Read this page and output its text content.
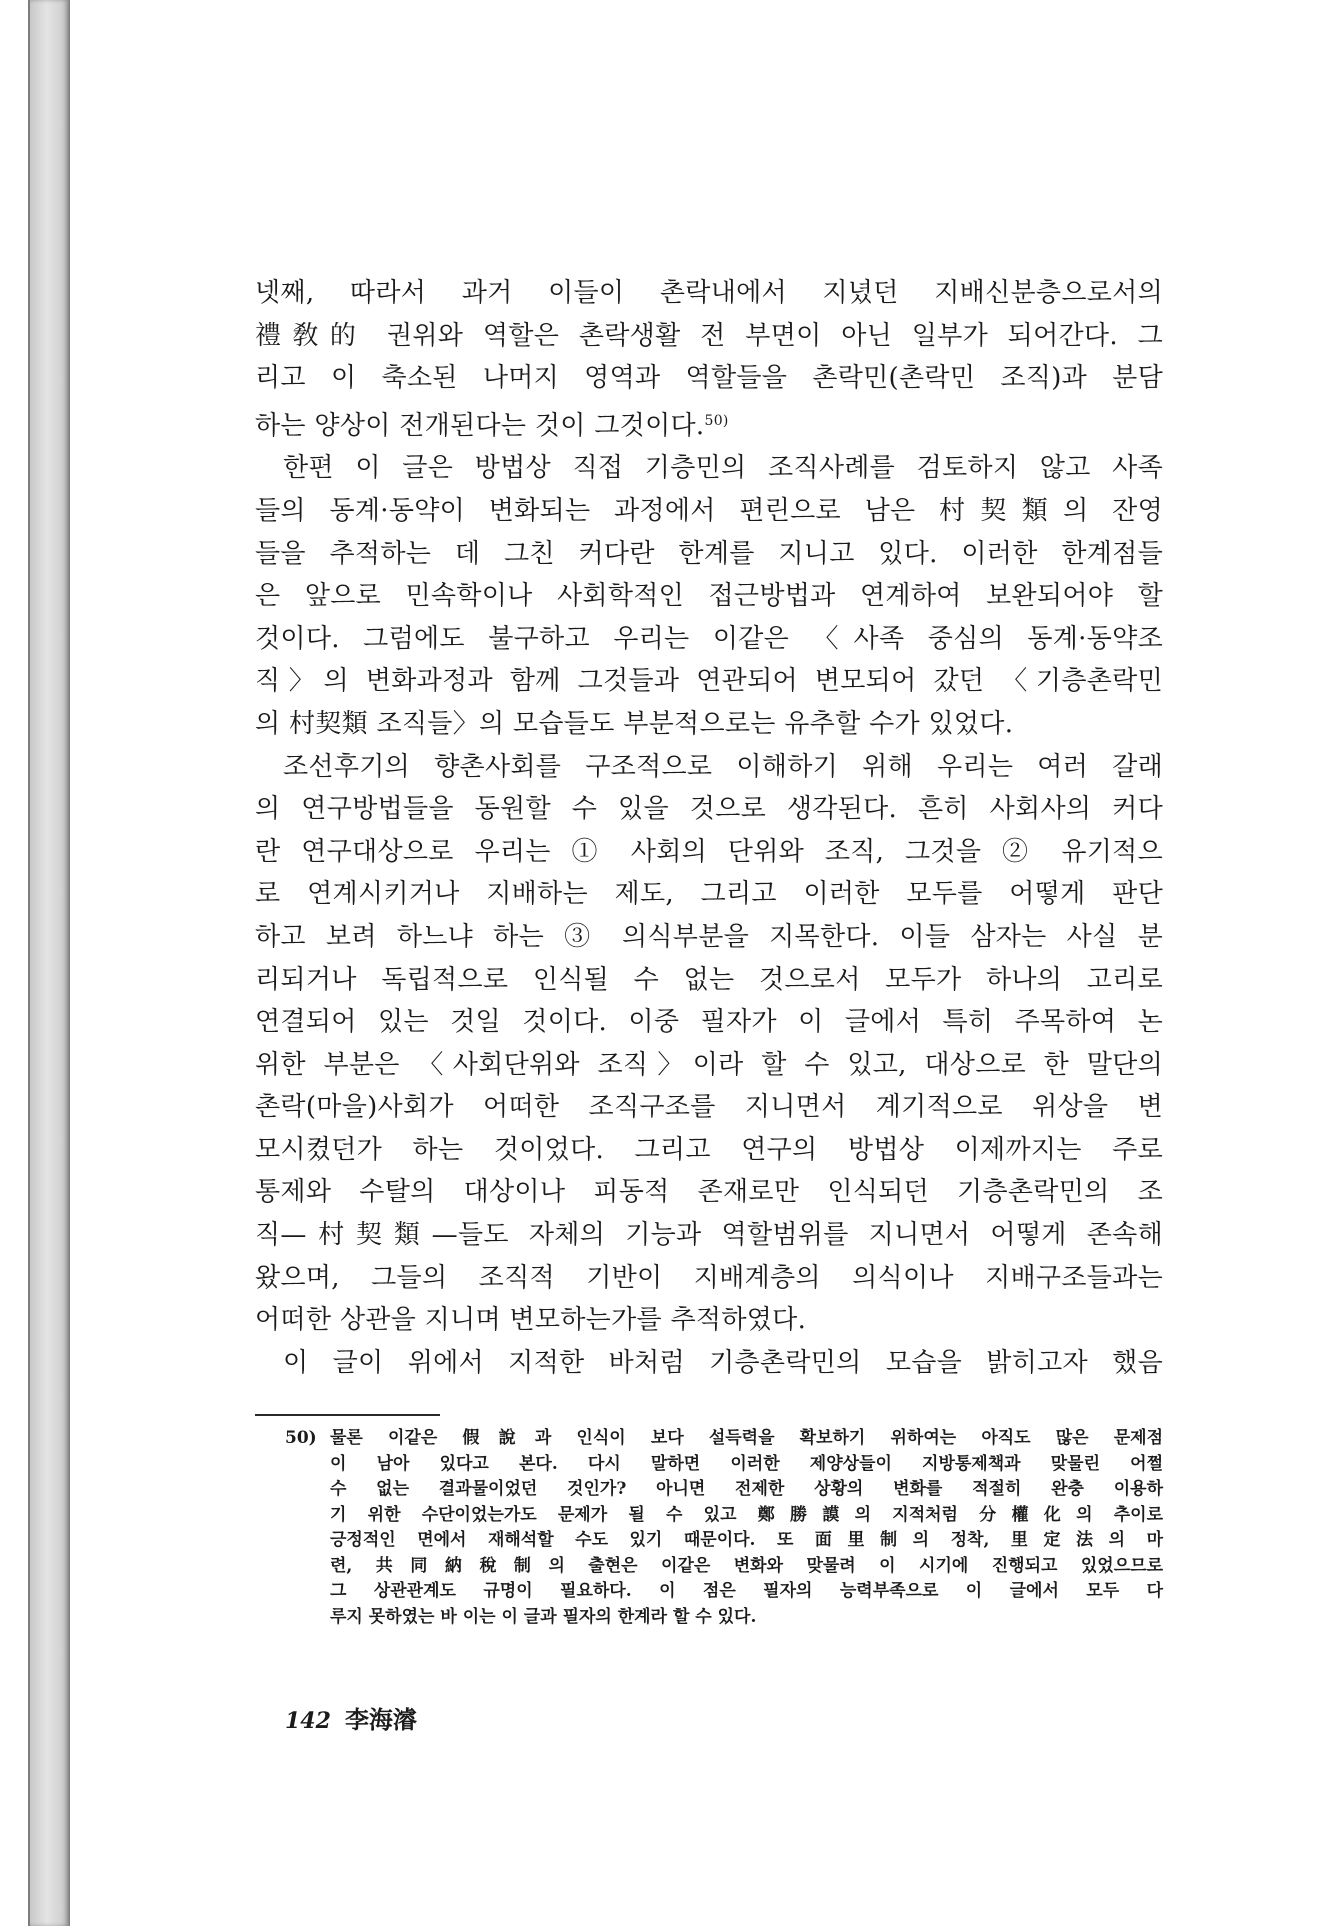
넷째, 따라서 과거 이들이 촌락내에서 지녔던 지배신분층으로서의
禮敎的 권위와 역할은 촌락생활 전 부면이 아닌 일부가 되어간다. 그
리고 이 축소된 나머지 영역과 역할들을 촌락민(촌락민 조직)과 분담
하는 양상이 전개된다는 것이 그것이다.$^{50)}$
한편 이 글은 방법상 직접 기층민의 조직사례를 검토하지 않고 사족
들의 동계·동약이 변화되는 과정에서 편린으로 남은 村契類의 잔영
들을 추적하는 데 그친 커다란 한계를 지니고 있다. 이러한 한계점들
은 앞으로 민속학이나 사회학적인 접근방법과 연계하여 보완되어야 할
것이다. 그럼에도 불구하고 우리는 이같은 〈사족 중심의 동계·동약조
직〉의 변화과정과 함께 그것들과 연관되어 변모되어 갔던 〈기층촌락민
의 村契類 조직들〉의 모습들도 부분적으로는 유추할 수가 있었다.
조선후기의 향촌사회를 구조적으로 이해하기 위해 우리는 여러 갈래
의 연구방법들을 동원할 수 있을 것으로 생각된다. 흔히 사회사의 커다
란 연구대상으로 우리는 ① 사회의 단위와 조직, 그것을 ② 유기적으
로 연계시키거나 지배하는 제도, 그리고 이러한 모두를 어떻게 판단
하고 보려 하느냐 하는 ③ 의식부분을 지목한다. 이들 삼자는 사실 분
리되거나 독립적으로 인식될 수 없는 것으로서 모두가 하나의 고리로
연결되어 있는 것일 것이다. 이중 필자가 이 글에서 특히 주목하여 논
위한 부분은 〈사회단위와 조직〉이라 할 수 있고, 대상으로 한 말단의
촌락(마을)사회가 어떠한 조직구조를 지니면서 계기적으로 위상을 변
모시켰던가 하는 것이었다. 그리고 연구의 방법상 이제까지는 주로
통제와 수탈의 대상이나 피동적 존재로만 인식되던 기층촌락민의 조
직—村契類—들도 자체의 기능과 역할범위를 지니면서 어떻게 존속해
왔으며, 그들의 조직적 기반이 지배계층의 의식이나 지배구조들과는
어떠한 상관을 지니며 변모하는가를 추적하였다.
이 글이 위에서 지적한 바처럼 기층촌락민의 모습을 밝히고자 했음
50) 물론 이같은 假說과 인식이 보다 설득력을 확보하기 위하여는 아직도 많은 문제점
이 남아 있다고 본다. 다시 말하면 이러한 제양상들이 지방통제책과 맞물린 어쩔
수 없는 결과물이었던 것인가? 아니면 전제한 상황의 변화를 적절히 완충 이용하
기 위한 수단이었는가도 문제가 될 수 있고 鄭勝謨의 지적처럼 分權化의 추이로
긍정적인 면에서 재해석할 수도 있기 때문이다. 또 面里制의 정착, 里定法의 마
련, 共同納稅制의 출현은 이같은 변화와 맞물려 이 시기에 진행되고 있었으므로
그 상관관계도 규명이 필요하다. 이 점은 필자의 능력부족으로 이 글에서 모두 다
루지 못하였는 바 이는 이 글과 필자의 한계라 할 수 있다.
142 李海濬
